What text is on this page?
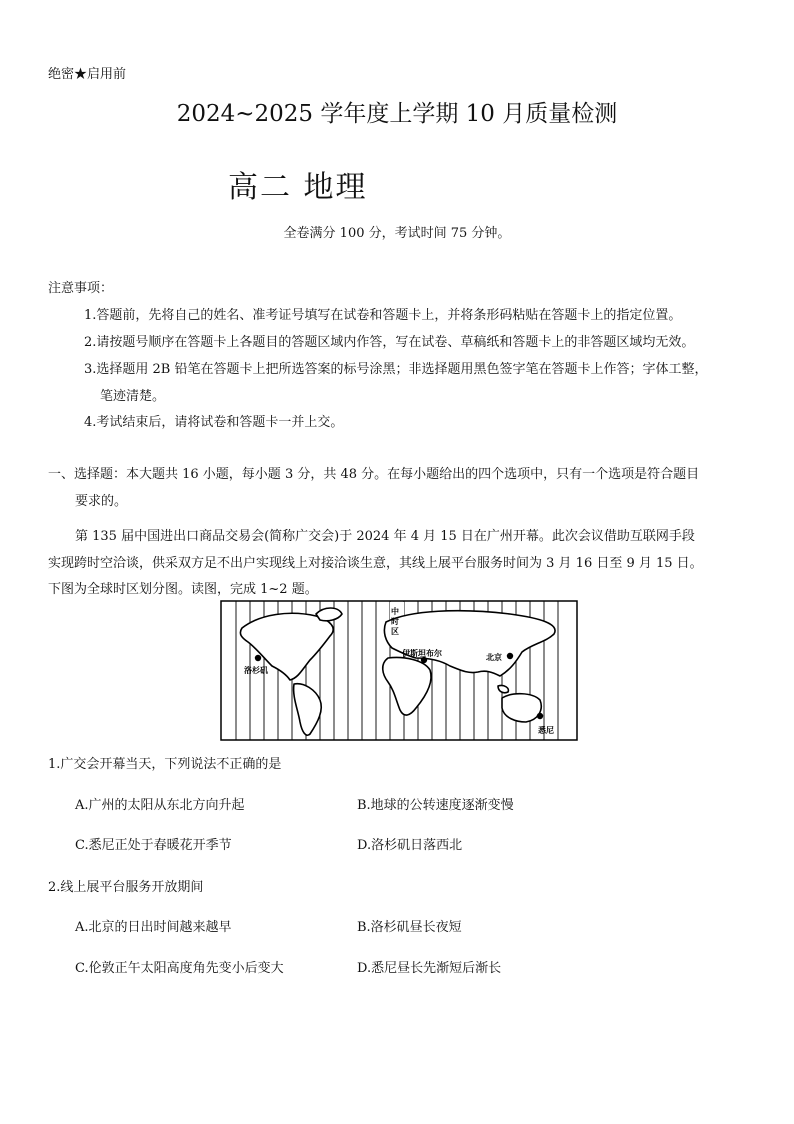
绝密★启用前
2024~2025 学年度上学期 10 月质量检测
高二 地理
全卷满分 100 分，考试时间 75 分钟。
注意事项：
1.答题前，先将自己的姓名、准考证号填写在试卷和答题卡上，并将条形码粘贴在答题卡上的指定位置。
2.请按题号顺序在答题卡上各题目的答题区域内作答，写在试卷、草稿纸和答题卡上的非答题区域均无效。
3.选择题用 2B 铅笔在答题卡上把所选答案的标号涂黑；非选择题用黑色签字笔在答题卡上作答；字体工整，
笔迹清楚。
4.考试结束后，请将试卷和答题卡一并上交。
一、选择题：本大题共 16 小题，每小题 3 分，共 48 分。在每小题给出的四个选项中，只有一个选项是符合题目
要求的。
第 135 届中国进出口商品交易会(简称广交会)于 2024 年 4 月 15 日在广州开幕。此次会议借助互联网手段
实现跨时空洽谈，供采双方足不出户实现线上对接洽谈生意，其线上展平台服务时间为 3 月 16 日至 9 月 15 日。
下图为全球时区划分图。读图，完成 1~2 题。
中
时
区
洛杉矶
伊斯坦布尔	北京
悉尼
1.广交会开幕当天，下列说法不正确的是
A.广州的太阳从东北方向升起	B.地球的公转速度逐渐变慢
C.悉尼正处于春暖花开季节	D.洛杉矶日落西北
2.线上展平台服务开放期间
A.北京的日出时间越来越早	B.洛杉矶昼长夜短
C.伦敦正午太阳高度角先变小后变大	D.悉尼昼长先渐短后渐长
